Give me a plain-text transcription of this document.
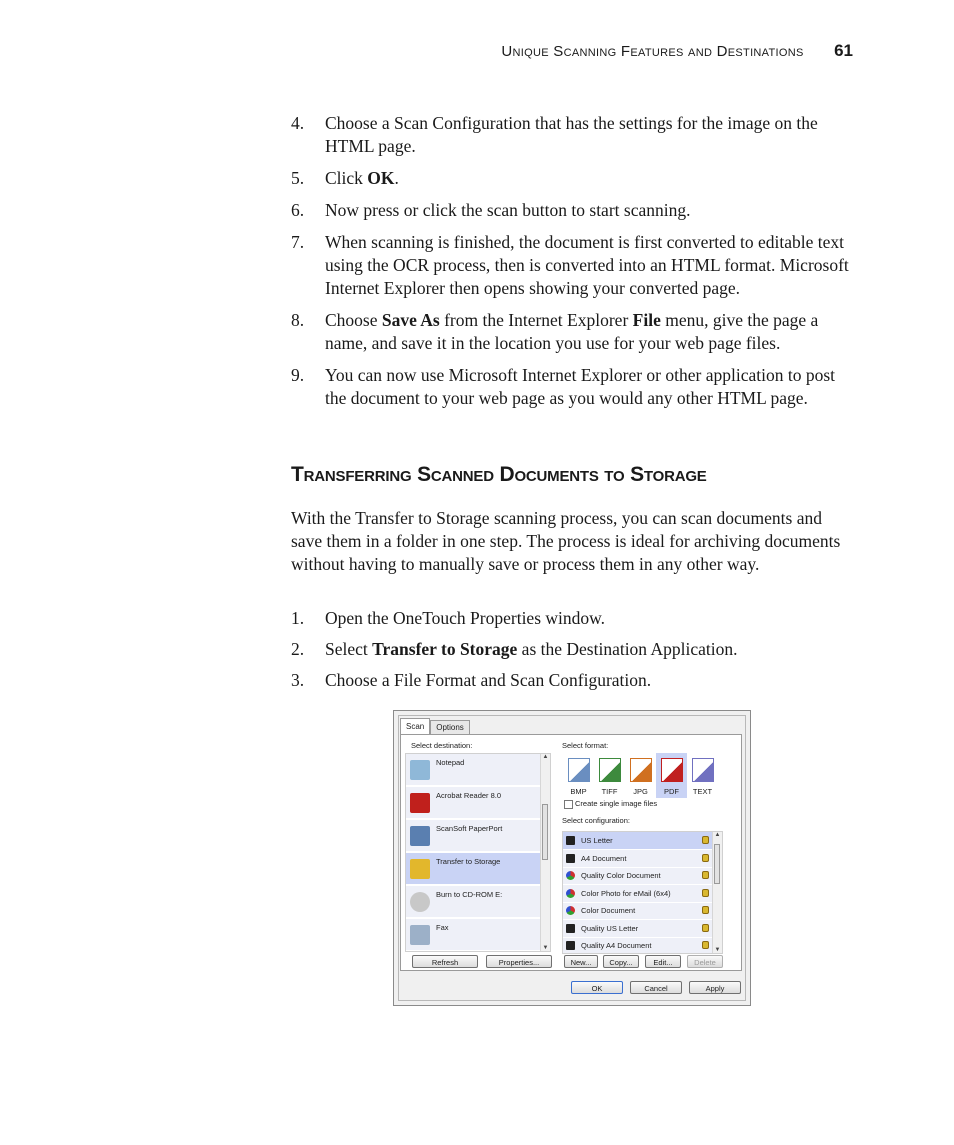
Unique Scanning Features and Destinations 61
4. Choose a Scan Configuration that has the settings for the image on the HTML page.
5. Click OK.
6. Now press or click the scan button to start scanning.
7. When scanning is finished, the document is first converted to editable text using the OCR process, then is converted into an HTML format. Microsoft Internet Explorer then opens showing your converted page.
8. Choose Save As from the Internet Explorer File menu, give the page a name, and save it in the location you use for your web page files.
9. You can now use Microsoft Internet Explorer or other application to post the document to your web page as you would any other HTML page.
Transferring Scanned Documents to Storage

With the Transfer to Storage scanning process, you can scan documents and save them in a folder in one step. The process is ideal for archiving documents without having to manually save or process them in any other way.

1. Open the OneTouch Properties window.
2. Select Transfer to Storage as the Destination Application.
3. Choose a File Format and Scan Configuration.
Scan	Options
Select destination:
Fax
Burn to CD-ROM E:
Transfer to Storage
ScanSoft PaperPort
Acrobat Reader 8.0
Notepad
▲
▼
Select format:
BMP	TIFF	JPG	PDF	TEXT
Create single image files
Select configuration:
Quality A4 Document
Quality US Letter
Color Document
Color Photo for eMail (6x4)
Quality Color Document
A4 Document
US Letter
▲
▼
Refresh	Properties...	New...	Copy...	Edit...	Delete
OK	Cancel	Apply
